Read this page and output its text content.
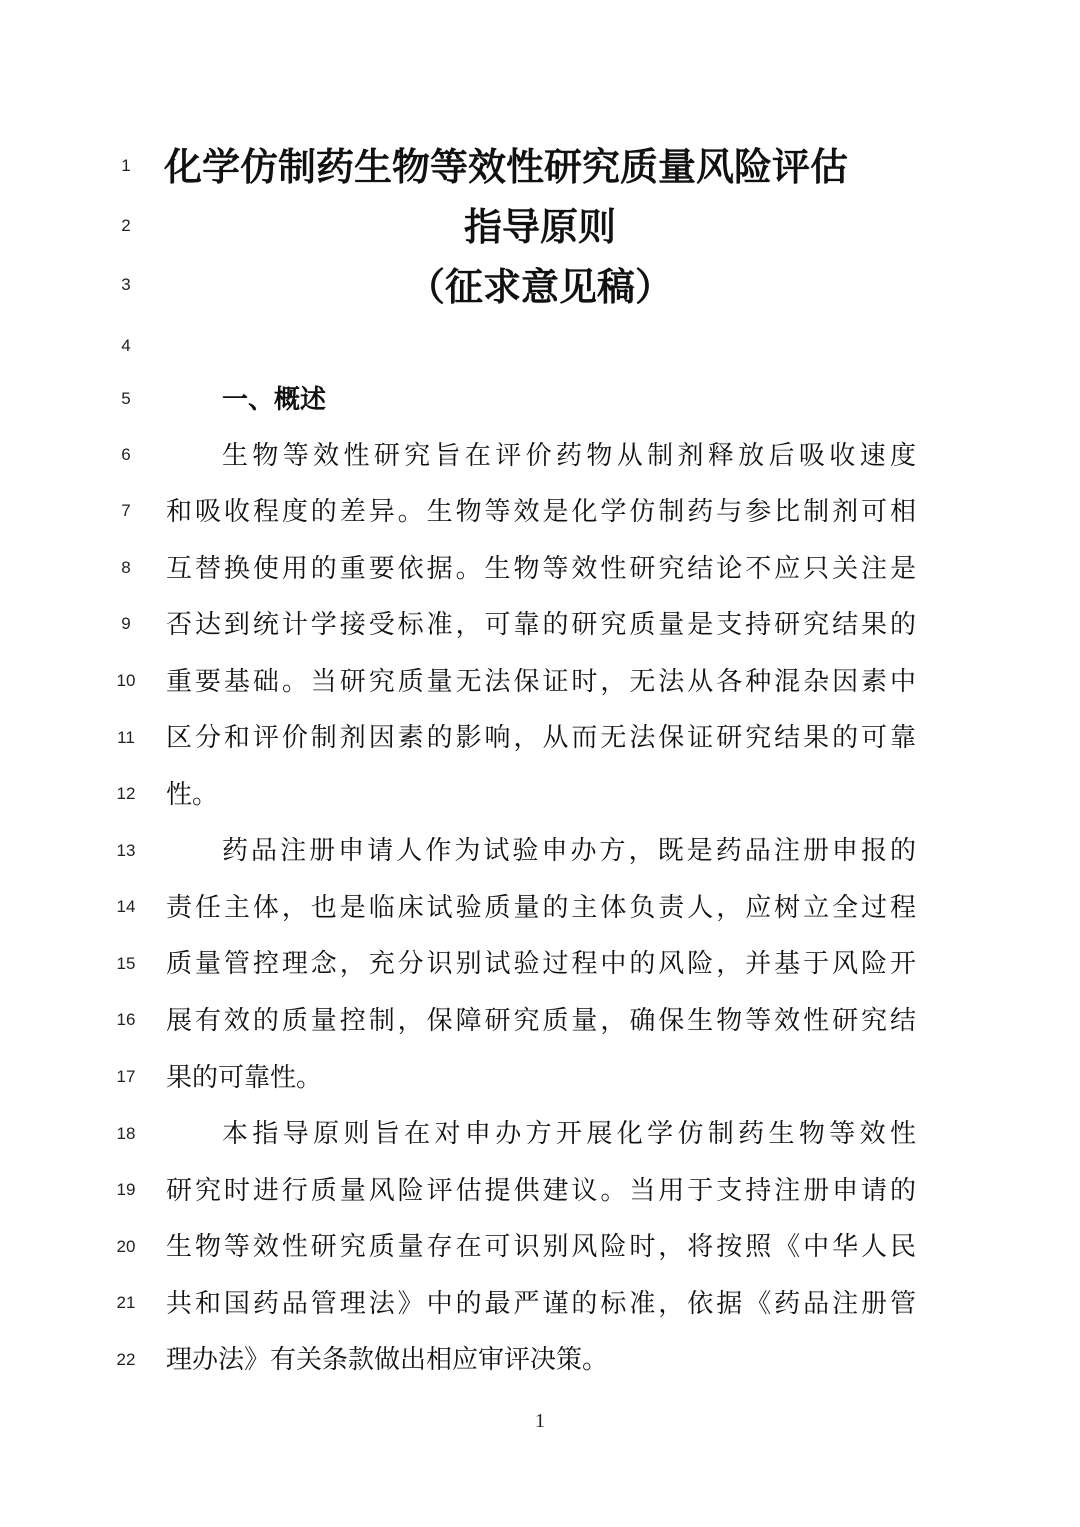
1
2
3
4
5
6
7
8
9
10
11
12
13
14
15
16
17
18
19
20
21
22
化学仿制药生物等效性研究质量风险评估
指导原则
（征求意见稿）
一、概述
生物等效性研究旨在评价药物从制剂释放后吸收速度
和吸收程度的差异。生物等效是化学仿制药与参比制剂可相
互替换使用的重要依据。生物等效性研究结论不应只关注是
否达到统计学接受标准，可靠的研究质量是支持研究结果的
重要基础。当研究质量无法保证时，无法从各种混杂因素中
区分和评价制剂因素的影响，从而无法保证研究结果的可靠
性。
药品注册申请人作为试验申办方，既是药品注册申报的
责任主体，也是临床试验质量的主体负责人，应树立全过程
质量管控理念，充分识别试验过程中的风险，并基于风险开
展有效的质量控制，保障研究质量，确保生物等效性研究结
果的可靠性。
本指导原则旨在对申办方开展化学仿制药生物等效性
研究时进行质量风险评估提供建议。当用于支持注册申请的
生物等效性研究质量存在可识别风险时，将按照《中华人民
共和国药品管理法》中的最严谨的标准，依据《药品注册管
理办法》有关条款做出相应审评决策。
1
